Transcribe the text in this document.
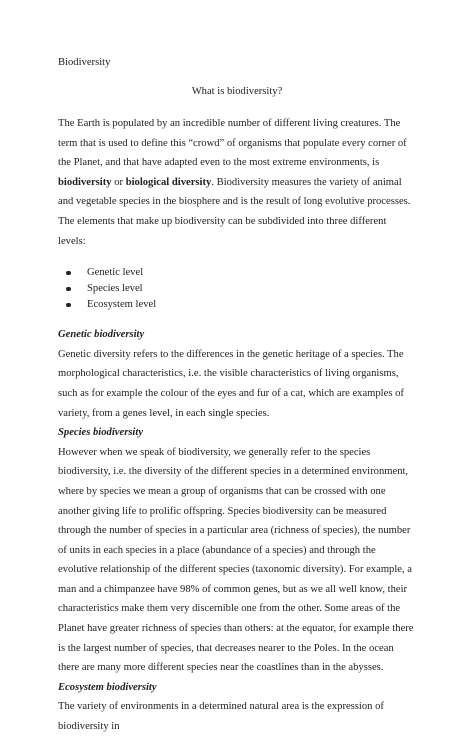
Biodiversity
What is biodiversity?

The Earth is populated by an incredible number of different living creatures. The term that is used to define this “crowd” of organisms that populate every corner of the Planet, and that have adapted even to the most extreme environments, is biodiversity or biological diversity. Biodiversity measures the variety of animal and vegetable species in the biosphere and is the result of long evolutive processes. The elements that make up biodiversity can be subdivided into three different levels:

Genetic level
Species level
Ecosystem level
Genetic biodiversity

Genetic diversity refers to the differences in the genetic heritage of a species. The morphological characteristics, i.e. the visible characteristics of living organisms, such as for example the colour of the eyes and fur of a cat, which are examples of variety, from a genes level, in each single species.

Species biodiversity

However when we speak of biodiversity, we generally refer to the species biodiversity, i.e. the diversity of the different species in a determined environment, where by species we mean a group of organisms that can be crossed with one another giving life to prolific offspring. Species biodiversity can be measured through the number of species in a particular area (richness of species), the number of units in each species in a place (abundance of a species) and through the evolutive relationship of the different species (taxonomic diversity). For example, a man and a chimpanzee have 98% of common genes, but as we all well know, their characteristics make them very discernible one from the other. Some areas of the Planet have greater richness of species than others: at the equator, for example there is the largest number of species, that decreases nearer to the Poles. In the ocean there are many more different species near the coastlines than in the abysses.

Ecosystem biodiversity

The variety of environments in a determined natural area is the expression of biodiversity in
